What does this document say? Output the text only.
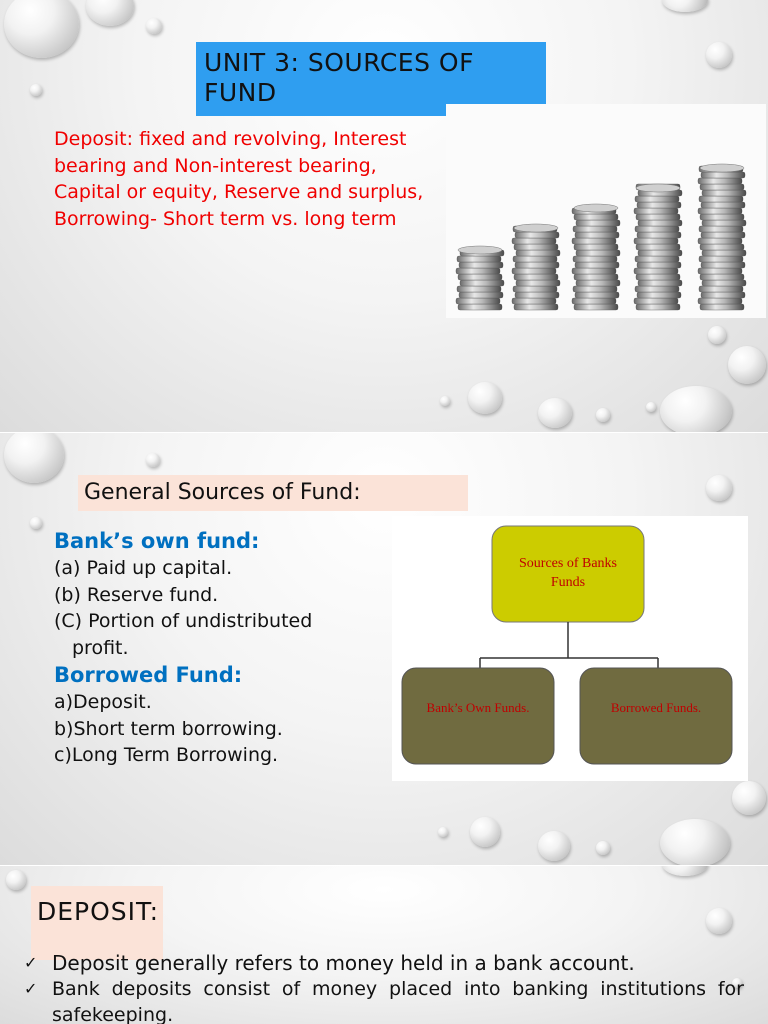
UNIT 3: SOURCES OF FUND
Deposit: fixed and revolving, Interest bearing and Non-interest bearing, Capital or equity, Reserve and surplus, Borrowing- Short term vs. long term
General Sources of Fund:
Bank’s own fund:
(a) Paid up capital.
(b) Reserve fund.
(C) Portion of undistributed
profit.
Borrowed Fund:
a)Deposit.
b)Short term borrowing.
c)Long Term Borrowing.
Sources of Banks
Funds
Bank’s Own Funds.	Borrowed Funds.
DEPOSIT:
✓ Deposit generally refers to money held in a bank account.
✓ Bank deposits consist of money placed into banking institutions for safekeeping.
